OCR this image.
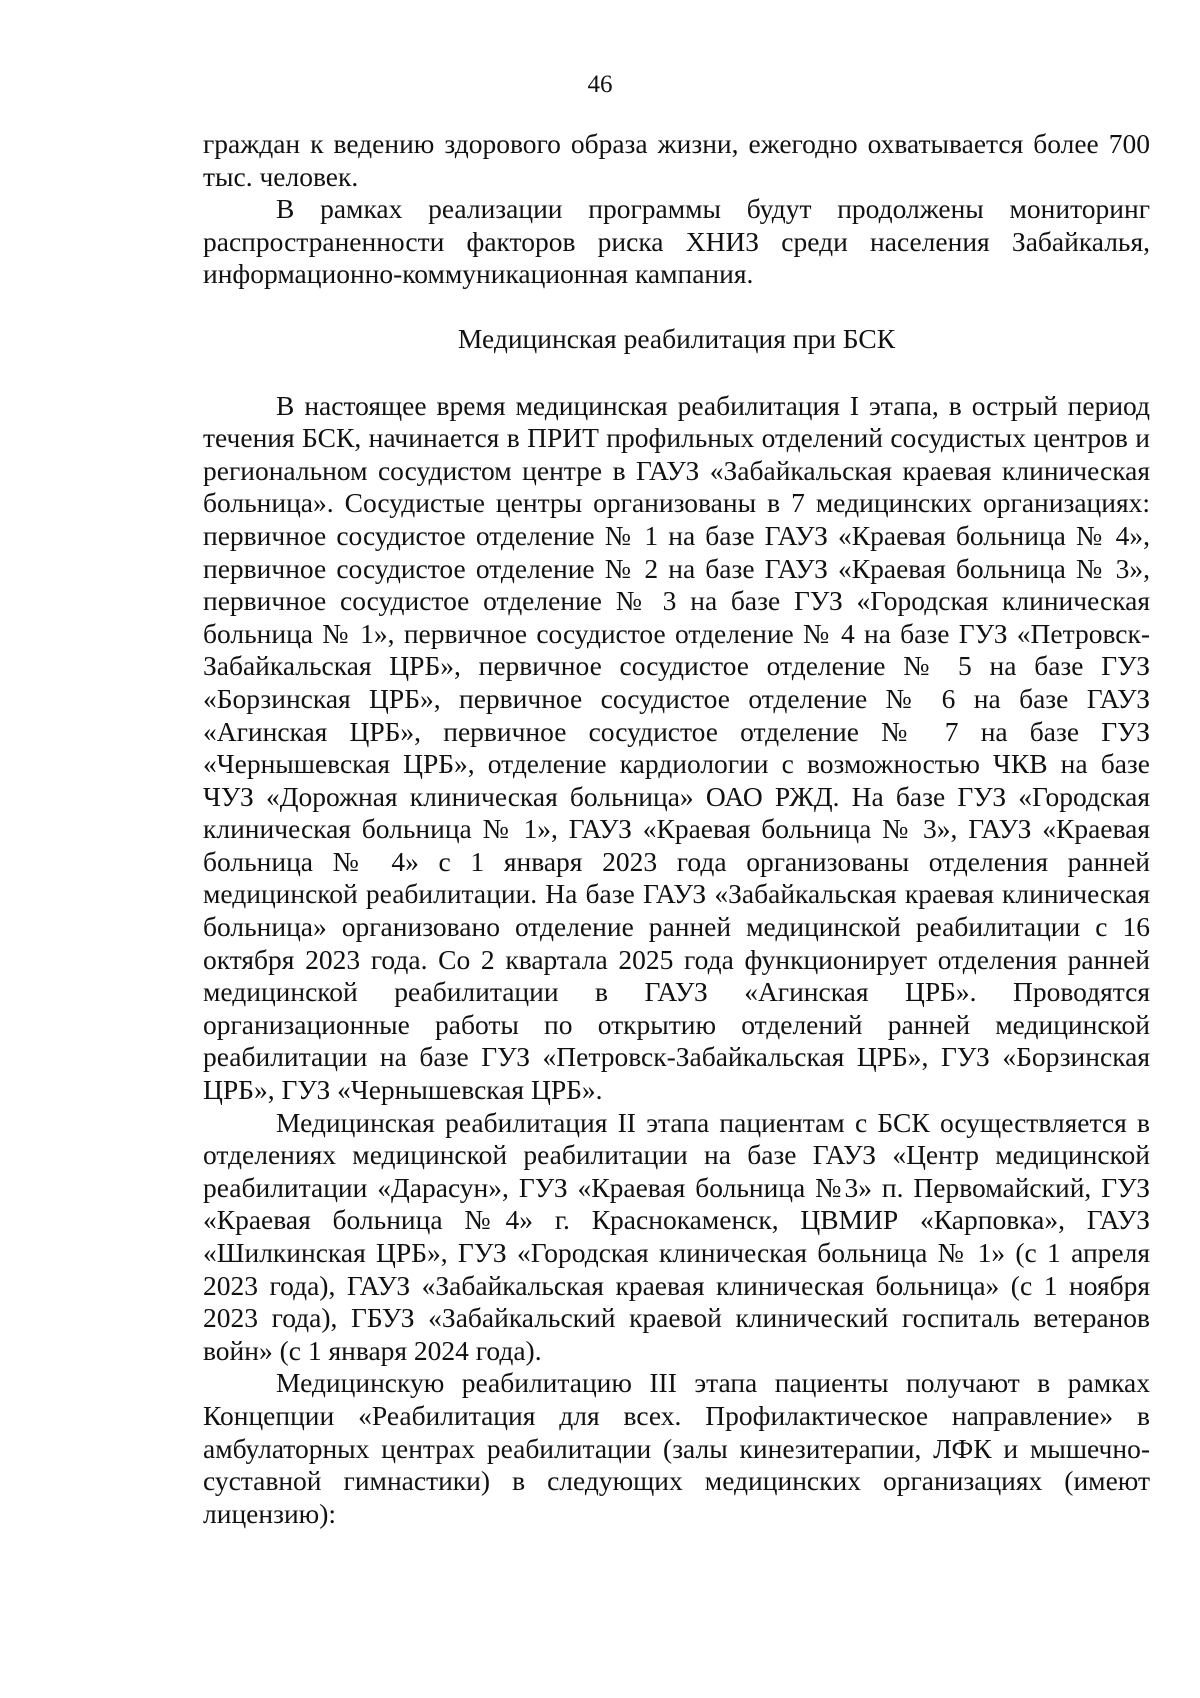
46

граждан к ведению здорового образа жизни, ежегодно охватывается более 700 тыс. человек.

В рамках реализации программы будут продолжены мониторинг распространенности факторов риска ХНИЗ среди населения Забайкалья, информационно-коммуникационная кампания.

Медицинская реабилитация при БСК

В настоящее время медицинская реабилитация I этапа, в острый период течения БСК, начинается в ПРИТ профильных отделений сосудистых центров и региональном сосудистом центре в ГАУЗ «Забайкальская краевая клиническая больница». Сосудистые центры организованы в 7 медицинских организациях: первичное сосудистое отделение № 1 на базе ГАУЗ «Краевая больница № 4», первичное сосудистое отделение № 2 на базе ГАУЗ «Краевая больница № 3», первичное сосудистое отделение № 3 на базе ГУЗ «Городская клиническая больница № 1», первичное сосудистое отделение № 4 на базе ГУЗ «Петровск-Забайкальская ЦРБ», первичное сосудистое отделение № 5 на базе ГУЗ «Борзинская ЦРБ», первичное сосудистое отделение № 6 на базе ГАУЗ «Агинская ЦРБ», первичное сосудистое отделение № 7 на базе ГУЗ «Чернышевская ЦРБ», отделение кардиологии с возможностью ЧКВ на базе ЧУЗ «Дорожная клиническая больница» ОАО РЖД. На базе ГУЗ «Городская клиническая больница № 1», ГАУЗ «Краевая больница № 3», ГАУЗ «Краевая больница № 4» с 1 января 2023 года организованы отделения ранней медицинской реабилитации. На базе ГАУЗ «Забайкальская краевая клиническая больница» организовано отделение ранней медицинской реабилитации с 16 октября 2023 года. Со 2 квартала 2025 года функционирует отделения ранней медицинской реабилитации в ГАУЗ «Агинская ЦРБ». Проводятся организационные работы по открытию отделений ранней медицинской реабилитации на базе ГУЗ «Петровск-Забайкальская ЦРБ», ГУЗ «Борзинская ЦРБ», ГУЗ «Чернышевская ЦРБ».

Медицинская реабилитация II этапа пациентам с БСК осуществляется в отделениях медицинской реабилитации на базе ГАУЗ «Центр медицинской реабилитации «Дарасун», ГУЗ «Краевая больница №3» п. Первомайский, ГУЗ «Краевая больница №4» г. Краснокаменск, ЦВМИР «Карповка», ГАУЗ «Шилкинская ЦРБ», ГУЗ «Городская клиническая больница № 1» (с 1 апреля 2023 года), ГАУЗ «Забайкальская краевая клиническая больница» (с 1 ноября 2023 года), ГБУЗ «Забайкальский краевой клинический госпиталь ветеранов войн» (с 1 января 2024 года).

Медицинскую реабилитацию III этапа пациенты получают в рамках Концепции «Реабилитация для всех. Профилактическое направление» в амбулаторных центрах реабилитации (залы кинезитерапии, ЛФК и мышечно-суставной гимнастики) в следующих медицинских организациях (имеют лицензию):
